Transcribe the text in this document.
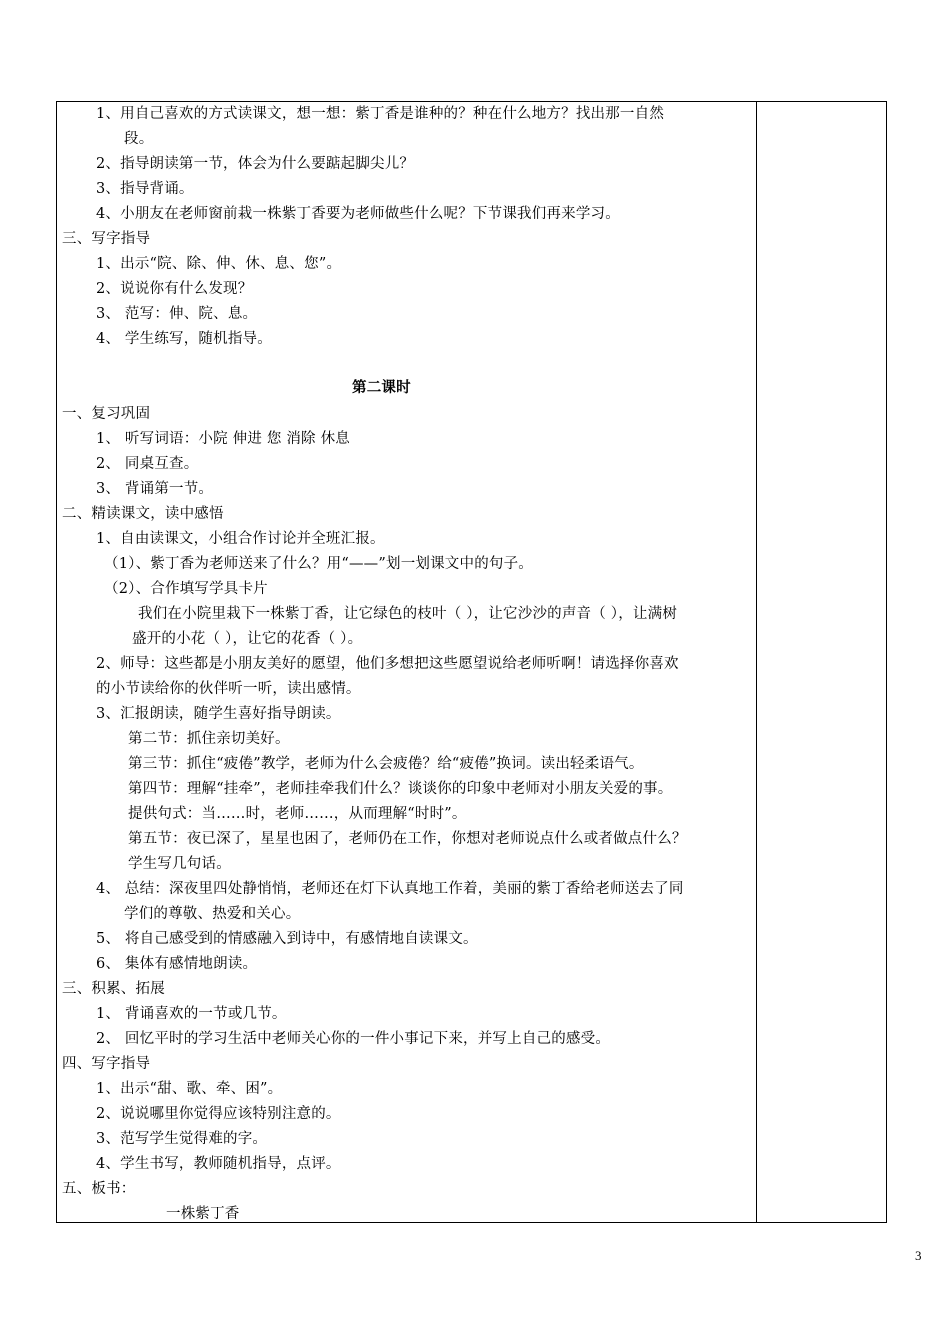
1、用自己喜欢的方式读课文，想一想：紫丁香是谁种的？种在什么地方？找出那一自然
段。
2、指导朗读第一节，体会为什么要踮起脚尖儿？
3、指导背诵。
4、小朋友在老师窗前栽一株紫丁香要为老师做些什么呢？下节课我们再来学习。
三、写字指导
1、出示“院、除、伸、休、息、您”。
2、说说你有什么发现？
3、 范写：伸、院、息。
4、 学生练写，随机指导。
第二课时
一、复习巩固
1、 听写词语：小院 伸进 您 消除 休息
2、 同桌互查。
3、 背诵第一节。
二、精读课文，读中感悟
1、自由读课文，小组合作讨论并全班汇报。
（1）、紫丁香为老师送来了什么？用“——”划一划课文中的句子。
（2）、合作填写学具卡片
我们在小院里栽下一株紫丁香，让它绿色的枝叶（ ），让它沙沙的声音（ ），让满树
盛开的小花（ ），让它的花香（ ）。
2、师导：这些都是小朋友美好的愿望，他们多想把这些愿望说给老师听啊！请选择你喜欢
的小节读给你的伙伴听一听，读出感情。
3、汇报朗读，随学生喜好指导朗读。
第二节：抓住亲切美好。
第三节：抓住“疲倦”教学，老师为什么会疲倦？给“疲倦”换词。读出轻柔语气。
第四节：理解“挂牵”，老师挂牵我们什么？谈谈你的印象中老师对小朋友关爱的事。
提供句式：当……时，老师……，从而理解“时时”。
第五节：夜已深了，星星也困了，老师仍在工作，你想对老师说点什么或者做点什么？
学生写几句话。
4、 总结：深夜里四处静悄悄，老师还在灯下认真地工作着，美丽的紫丁香给老师送去了同
学们的尊敬、热爱和关心。
5、 将自己感受到的情感融入到诗中，有感情地自读课文。
6、 集体有感情地朗读。
三、积累、拓展
1、 背诵喜欢的一节或几节。
2、 回忆平时的学习生活中老师关心你的一件小事记下来，并写上自己的感受。
四、写字指导
1、出示“甜、歌、牵、困”。
2、说说哪里你觉得应该特别注意的。
3、范写学生觉得难的字。
4、学生书写，教师随机指导，点评。
五、板书：
一株紫丁香
3
